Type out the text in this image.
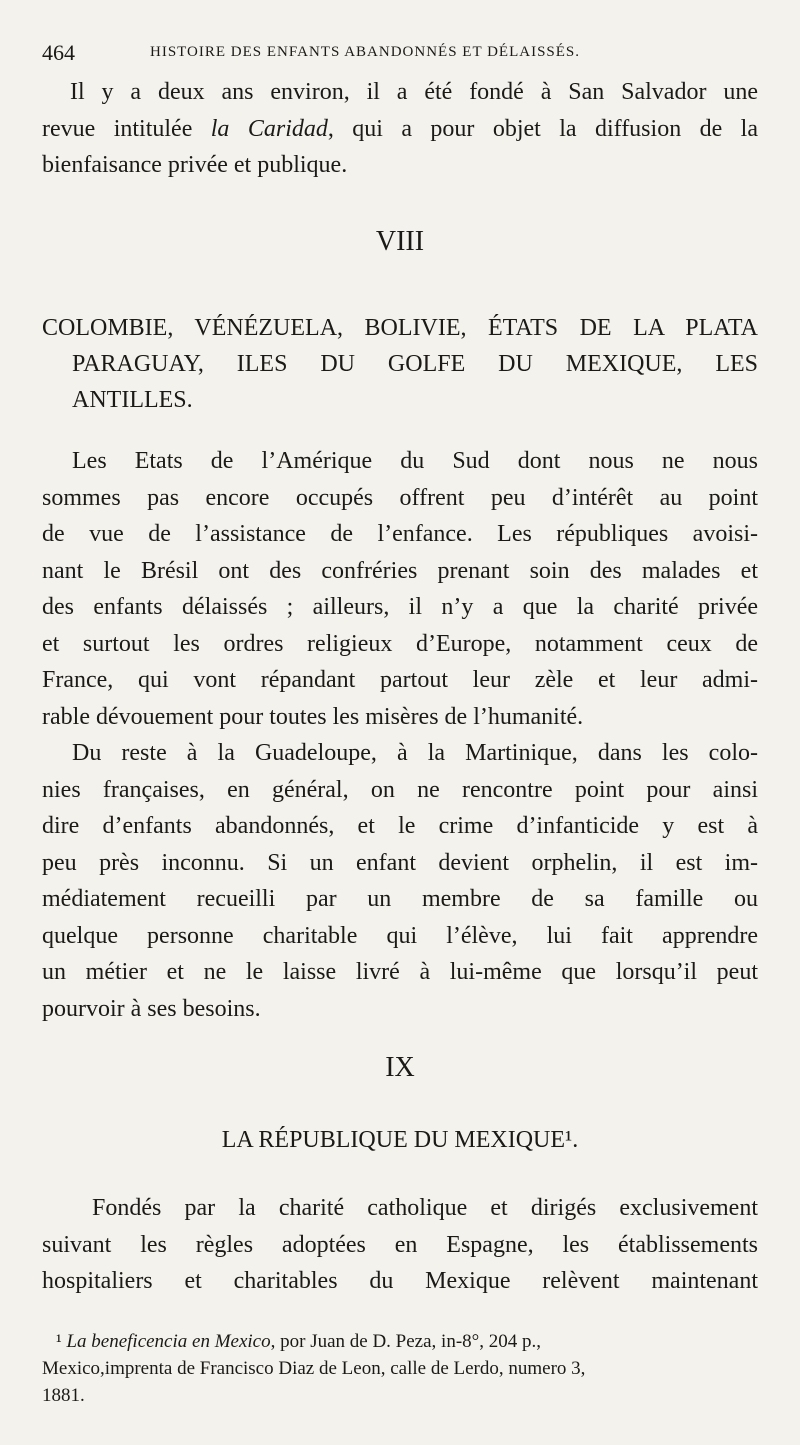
464	HISTOIRE DES ENFANTS ABANDONNÉS ET DÉLAISSÉS.
Il y a deux ans environ, il a été fondé à San Salvador une
revue intitulée la Caridad, qui a pour objet la diffusion de la
bienfaisance privée et publique.
VIII
COLOMBIE, VÉNÉZUELA, BOLIVIE, ÉTATS DE LA PLATA
PARAGUAY, ILES DU GOLFE DU MEXIQUE, LES
ANTILLES.
Les Etats de l’Amérique du Sud dont nous ne nous
sommes pas encore occupés offrent peu d’intérêt au point
de vue de l’assistance de l’enfance. Les républiques avoisi-
nant le Brésil ont des confréries prenant soin des malades et
des enfants délaissés ; ailleurs, il n’y a que la charité privée
et surtout les ordres religieux d’Europe, notamment ceux de
France, qui vont répandant partout leur zèle et leur admi-
rable dévouement pour toutes les misères de l’humanité.
Du reste à la Guadeloupe, à la Martinique, dans les colo-
nies françaises, en général, on ne rencontre point pour ainsi
dire d’enfants abandonnés, et le crime d’infanticide y est à
peu près inconnu. Si un enfant devient orphelin, il est im-
médiatement recueilli par un membre de sa famille ou
quelque personne charitable qui l’élève, lui fait apprendre
un métier et ne le laisse livré à lui-même que lorsqu’il peut
pourvoir à ses besoins.
IX
LA RÉPUBLIQUE DU MEXIQUE¹.
Fondés par la charité catholique et dirigés exclusivement
suivant les règles adoptées en Espagne, les établissements
hospitaliers et charitables du Mexique relèvent maintenant
¹ La beneficencia en Mexico, por Juan de D. Peza, in-8°, 204 p.,
Mexico,imprenta de Francisco Diaz de Leon, calle de Lerdo, numero 3,
1881.
